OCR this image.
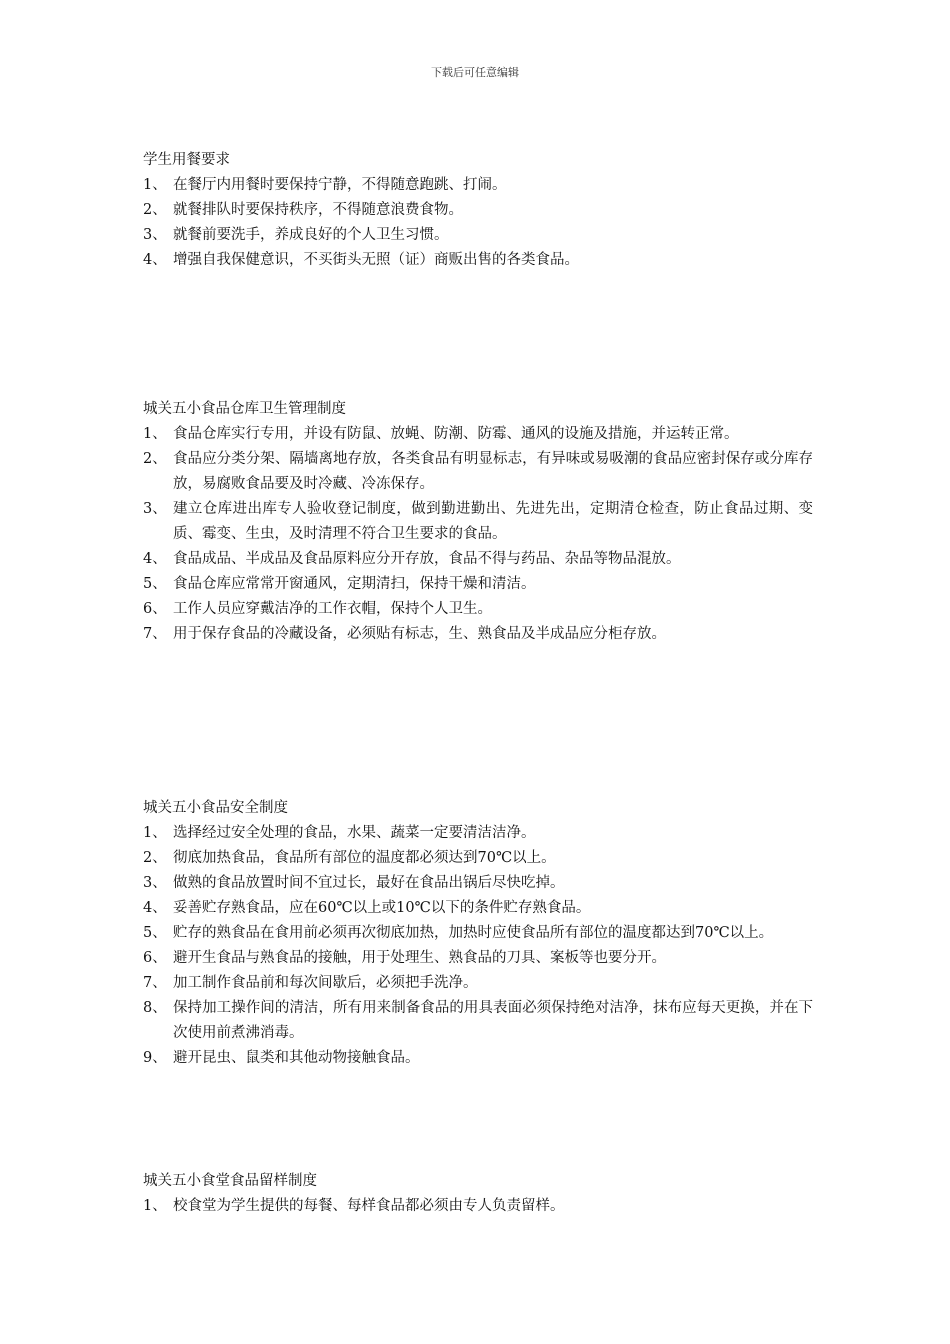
下载后可任意编辑
学生用餐要求
1、 在餐厅内用餐时要保持宁静，不得随意跑跳、打闹。
2、 就餐排队时要保持秩序，不得随意浪费食物。
3、 就餐前要洗手，养成良好的个人卫生习惯。
4、 增强自我保健意识，不买街头无照（证）商贩出售的各类食品。
城关五小食品仓库卫生管理制度
1、 食品仓库实行专用，并设有防鼠、放蝇、防潮、防霉、通风的设施及措施，并运转正常。
2、 食品应分类分架、隔墙离地存放，各类食品有明显标志，有异味或易吸潮的食品应密封保存或分库存放，易腐败食品要及时冷藏、冷冻保存。
3、 建立仓库进出库专人验收登记制度，做到勤进勤出、先进先出，定期清仓检查，防止食品过期、变质、霉变、生虫，及时清理不符合卫生要求的食品。
4、 食品成品、半成品及食品原料应分开存放，食品不得与药品、杂品等物品混放。
5、 食品仓库应常常开窗通风，定期清扫，保持干燥和清洁。
6、 工作人员应穿戴洁净的工作衣帽，保持个人卫生。
7、 用于保存食品的冷藏设备，必须贴有标志，生、熟食品及半成品应分柜存放。
城关五小食品安全制度
1、 选择经过安全处理的食品，水果、蔬菜一定要清洁洁净。
2、 彻底加热食品，食品所有部位的温度都必须达到70℃以上。
3、 做熟的食品放置时间不宜过长，最好在食品出锅后尽快吃掉。
4、 妥善贮存熟食品，应在60℃以上或10℃以下的条件贮存熟食品。
5、 贮存的熟食品在食用前必须再次彻底加热，加热时应使食品所有部位的温度都达到70℃以上。
6、 避开生食品与熟食品的接触，用于处理生、熟食品的刀具、案板等也要分开。
7、 加工制作食品前和每次间歇后，必须把手洗净。
8、 保持加工操作间的清洁，所有用来制备食品的用具表面必须保持绝对洁净，抹布应每天更换，并在下次使用前煮沸消毒。
9、 避开昆虫、鼠类和其他动物接触食品。
城关五小食堂食品留样制度
1、 校食堂为学生提供的每餐、每样食品都必须由专人负责留样。
